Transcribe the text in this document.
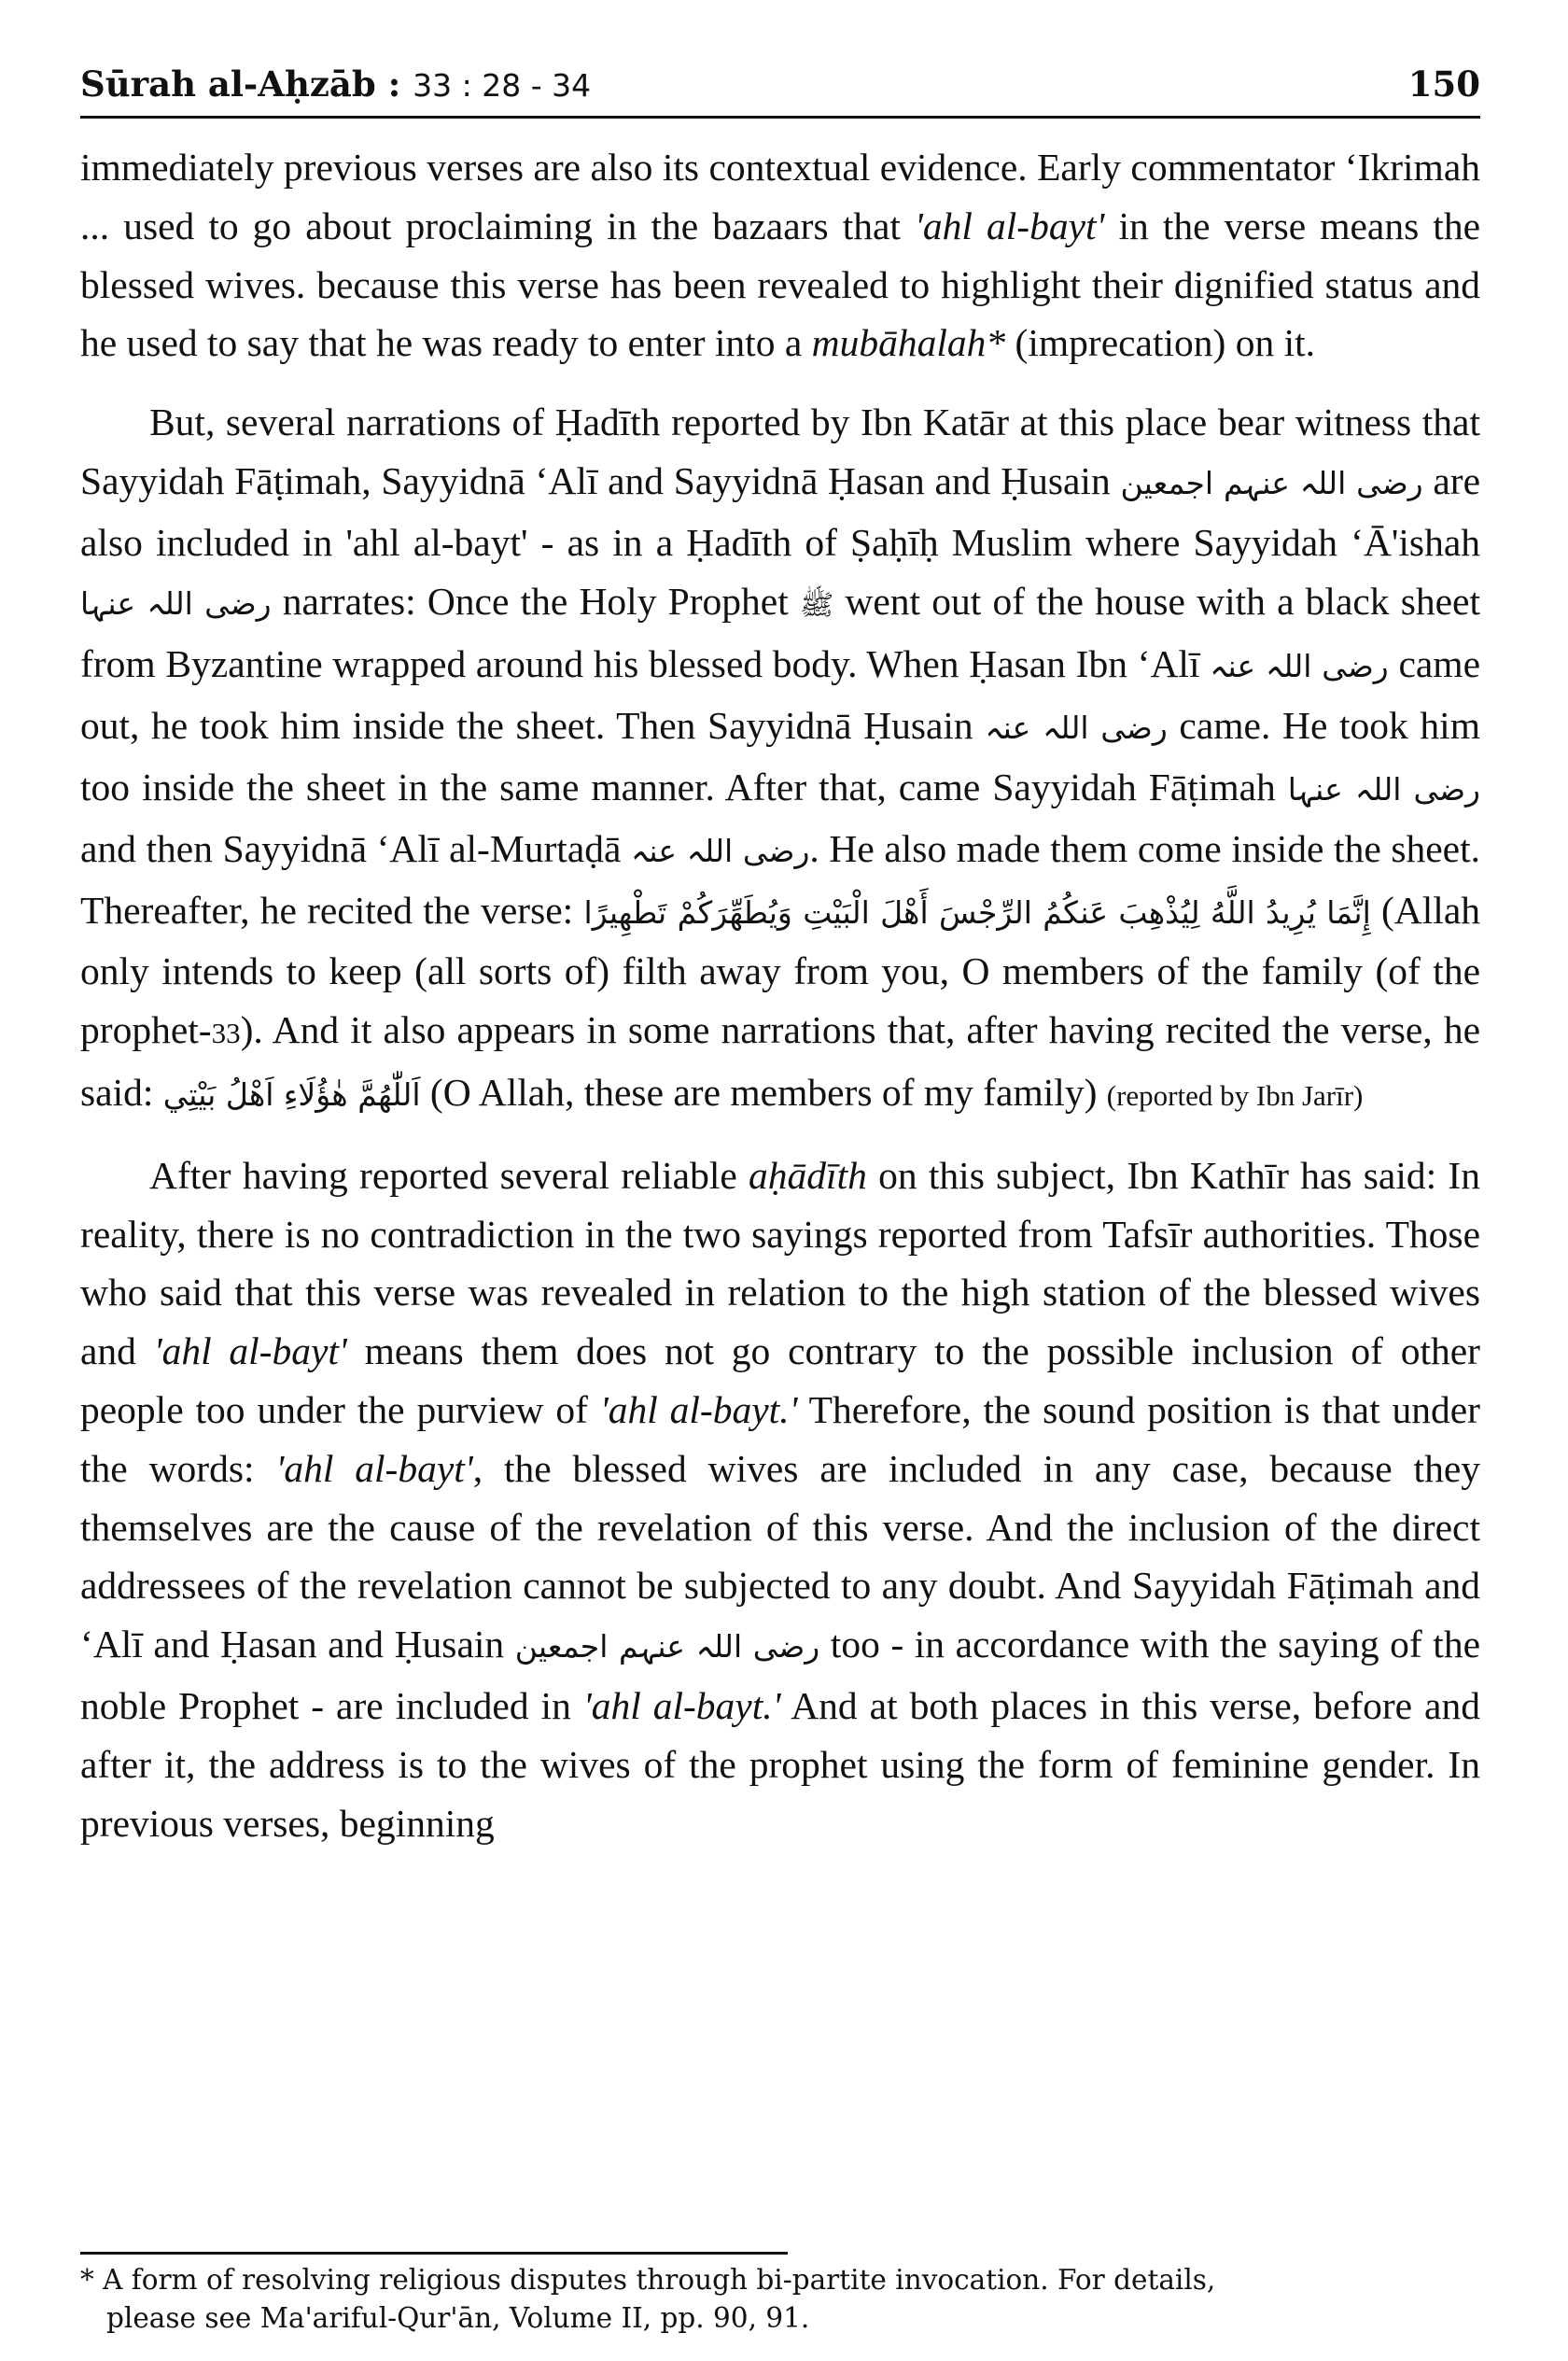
Sūrah al-Aḥzāb : 33 : 28 - 34	150

immediately previous verses are also its contextual evidence. Early commentator ‘Ikrimah ... used to go about proclaiming in the bazaars that 'ahl al-bayt' in the verse means the blessed wives. because this verse has been revealed to highlight their dignified status and he used to say that he was ready to enter into a mubāhalah* (imprecation) on it.

But, several narrations of Ḥadīth reported by Ibn Katār at this place bear witness that Sayyidah Fāṭimah, Sayyidnā ‘Alī and Sayyidnā Ḥasan and Ḥusain رضی اللہ عنہم اجمعین are also included in 'ahl al-bayt' - as in a Ḥadīth of Ṣaḥīḥ Muslim where Sayyidah ‘Ā'ishah رضی اللہ عنہا narrates: Once the Holy Prophet ﷺ went out of the house with a black sheet from Byzantine wrapped around his blessed body. When Ḥasan Ibn ‘Alī رضی اللہ عنہ came out, he took him inside the sheet. Then Sayyidnā Ḥusain رضی اللہ عنہ came. He took him too inside the sheet in the same manner. After that, came Sayyidah Fāṭimah رضی اللہ عنہا and then Sayyidnā ‘Alī al-Murtaḍā رضی اللہ عنہ. He also made them come inside the sheet. Thereafter, he recited the verse: إِنَّمَا يُرِيدُ اللَّهُ لِيُذْهِبَ عَنكُمُ الرِّجْسَ أَهْلَ الْبَيْتِ وَيُطَهِّرَكُمْ تَطْهِيرًا (Allah only intends to keep (all sorts of) filth away from you, O members of the family (of the prophet-33). And it also appears in some narrations that, after having recited the verse, he said: اَللّٰهُمَّ هٰؤُلَاءِ اَهْلُ بَيْتِي (O Allah, these are members of my family) (reported by Ibn Jarīr)

After having reported several reliable aḥādīth on this subject, Ibn Kathīr has said: In reality, there is no contradiction in the two sayings reported from Tafsīr authorities. Those who said that this verse was revealed in relation to the high station of the blessed wives and 'ahl al-bayt' means them does not go contrary to the possible inclusion of other people too under the purview of 'ahl al-bayt.' Therefore, the sound position is that under the words: 'ahl al-bayt', the blessed wives are included in any case, because they themselves are the cause of the revelation of this verse. And the inclusion of the direct addressees of the revelation cannot be subjected to any doubt. And Sayyidah Fāṭimah and ‘Alī and Ḥasan and Ḥusain رضی اللہ عنہم اجمعین too - in accordance with the saying of the noble Prophet - are included in 'ahl al-bayt.' And at both places in this verse, before and after it, the address is to the wives of the prophet using the form of feminine gender. In previous verses, beginning

* A form of resolving religious disputes through bi-partite invocation. For details,
please see Ma'ariful-Qur'ān, Volume II, pp. 90, 91.
